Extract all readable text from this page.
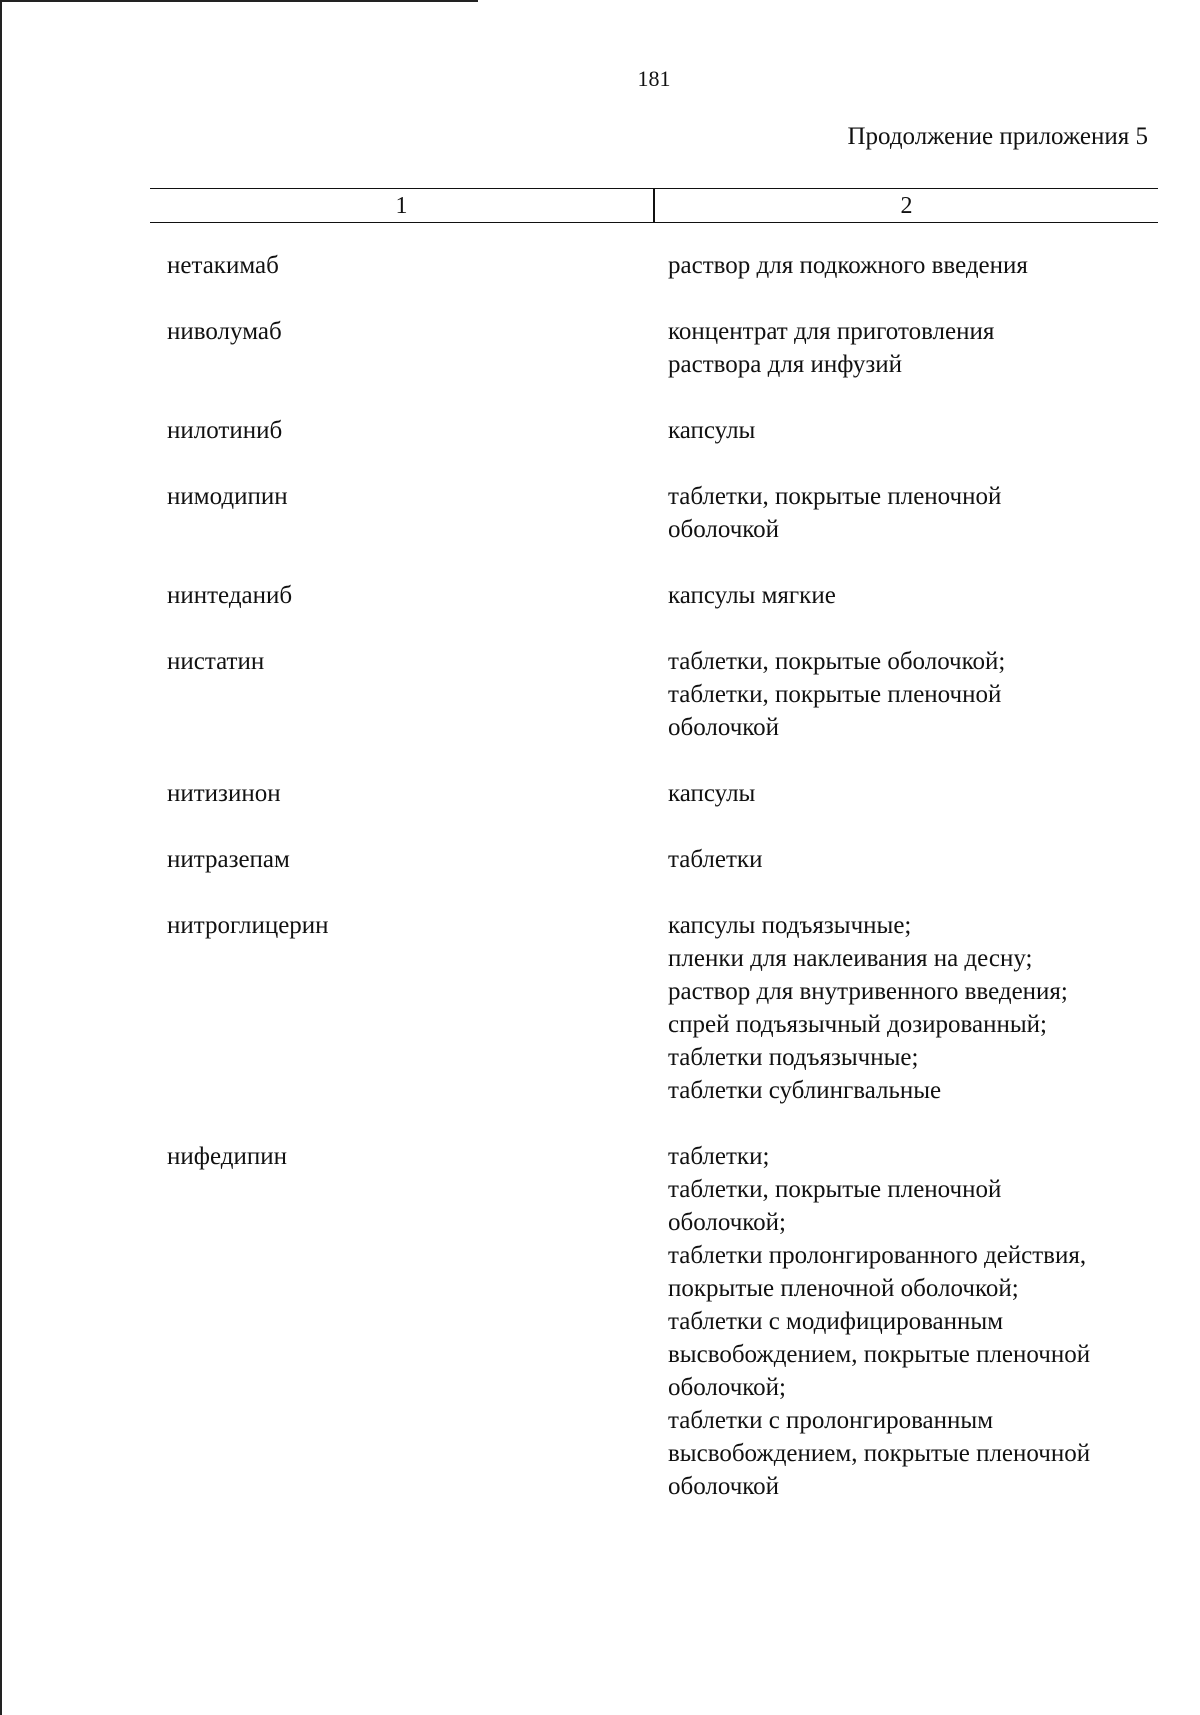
181
Продолжение приложения 5
1	2
нетакимаб	раствор для подкожного введения
ниволумаб	концентрат для приготовления
раствора для инфузий
нилотиниб	капсулы
нимодипин	таблетки, покрытые пленочной
оболочкой
нинтеданиб	капсулы мягкие
нистатин	таблетки, покрытые оболочкой;
таблетки, покрытые пленочной
оболочкой
нитизинон	капсулы
нитразепам	таблетки
нитроглицерин	капсулы подъязычные;
пленки для наклеивания на десну;
раствор для внутривенного введения;
спрей подъязычный дозированный;
таблетки подъязычные;
таблетки сублингвальные
нифедипин	таблетки;
таблетки, покрытые пленочной
оболочкой;
таблетки пролонгированного действия,
покрытые пленочной оболочкой;
таблетки с модифицированным
высвобождением, покрытые пленочной
оболочкой;
таблетки с пролонгированным
высвобождением, покрытые пленочной
оболочкой
